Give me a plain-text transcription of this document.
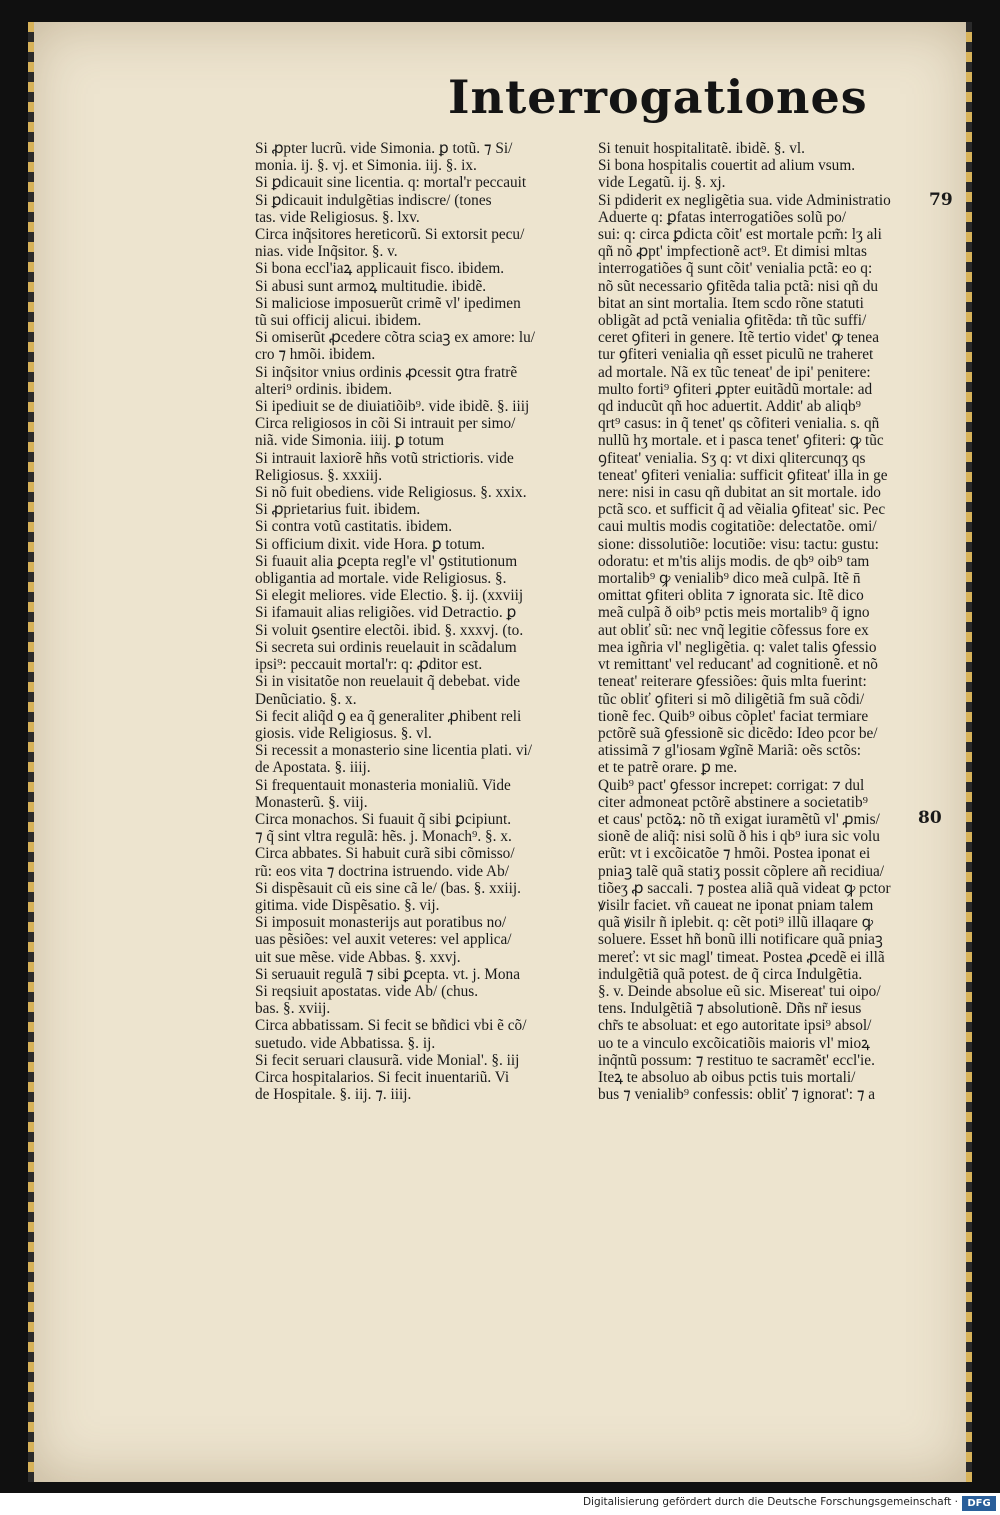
Interrogationes
Si ꝓpter lucrũ. vide Simonia. ꝑ totũ. ⁊ Si/
monia. ij. §. vj. et Simonia. iij. §. ix.
Si ꝑdicauit sine licentia. q: mortal'r peccauit
Si ꝑdicauit indulgẽtias indiscre/ (tones
tas. vide Religiosus. §. lxv.
Circa inq̃sitores hereticorũ. Si extorsit pecu/
nias. vide Inq̃sitor. §. v.
Si bona eccl'iaꝝ applicauit fisco. ibidem.
Si abusi sunt armoꝝ multitudie. ibidẽ.
Si maliciose imposuerũt crimẽ vl' ipedimen
tũ sui officij alicui. ibidem.
Si omiserũt ꝓcedere cõtra sciaꝫ ex amore: lu/
cro ⁊ hmõi. ibidem.
Si inq̃sitor vnius ordinis ꝓcessit ꝯtra fratrẽ
alteri⁹ ordinis. ibidem.
Si ipediuit se de diuiatiõib⁹. vide ibidẽ. §. iiij
Circa religiosos in cõi Si intrauit per simo/
niã. vide Simonia. iiij. ꝑ totum
Si intrauit laxiorẽ hñs votũ strictioris. vide
Religiosus. §. xxxiij.
Si nõ fuit obediens. vide Religiosus. §. xxix.
Si ꝓprietarius fuit. ibidem.
Si contra votũ castitatis. ibidem.
Si officium dixit. vide Hora. ꝑ totum.
Si fuauit alia ꝑcepta regl'e vl' ꝯstitutionum
obligantia ad mortale. vide Religiosus. §.
Si elegit meliores. vide Electio. §. ij. (xxviij
Si ifamauit alias religiões. vid Detractio. ꝑ
Si voluit ꝯsentire electõi. ibid. §. xxxvj. (to.
Si secreta sui ordinis reuelauit in scãdalum
ipsi⁹: peccauit mortal'r: q: ꝓditor est.
Si in visitatõe non reuelauit q̃ debebat. vide
Denũciatio. §. x.
Si fecit aliq̃d ꝯ ea q̃ generaliter ꝓhibent reli
giosis. vide Religiosus. §. vl.
Si recessit a monasterio sine licentia plati. vi/
de Apostata. §. iiij.
Si frequentauit monasteria monialiũ. Vide
Monasterũ. §. viij.
Circa monachos. Si fuauit q̃ sibi ꝑcipiunt.
⁊ q̃ sint vltra regulã: hẽs. j. Monach⁹. §. x.
Circa abbates. Si habuit curã sibi cõmisso/
rũ: eos vita ⁊ doctrina istruendo. vide Ab/
Si dispẽsauit cũ eis sine cã le/ (bas. §. xxiij.
gitima. vide Dispẽsatio. §. vij.
Si imposuit monasterijs aut poratibus no/
uas pẽsiões: vel auxit veteres: vel applica/
uit sue mẽse. vide Abbas. §. xxvj.
Si seruauit regulã ⁊ sibi ꝑcepta. vt. j. Mona
Si reqsiuit apostatas. vide Ab/ (chus.
bas. §. xviij.
Circa abbatissam. Si fecit se bñdici vbi ẽ cõ/
suetudo. vide Abbatissa. §. ij.
Si fecit seruari clausurã. vide Monial'. §. iij
Circa hospitalarios. Si fecit inuentariũ. Vi
de Hospitale. §. iij. ⁊. iiij.
Si tenuit hospitalitatẽ. ibidẽ. §. vl.
Si bona hospitalis couertit ad alium vsum.
vide Legatũ. ij. §. xj.
Si pdiderit ex negligẽtia sua. vide Administratio
Aduerte q: ꝑfatas interrogatiões solũ po/
sui: q: circa ꝑdicta cõit' est mortale pcm̃: lʒ ali
qñ nõ ꝓpt' impfectionẽ act⁹. Et dimisi mltas
interrogatiões q̃ sunt cõit' venialia pctã: eo q:
nõ sũt necessario ꝯfitẽda talia pctã: nisi qñ du
bitat an sint mortalia. Item scdo rõne statuti
obligãt ad pctã venialia ꝯfitẽda: tñ tũc suffi/
ceret ꝯfiteri in genere. Itẽ tertio videt' ꝙ tenea
tur ꝯfiteri venialia qñ esset piculũ ne traheret
ad mortale. Nã ex tũc teneat' de ipi' penitere:
multo forti⁹ ꝯfiteri ꝓpter euitãdũ mortale: ad
qd inducũt qñ hoc aduertit. Addit' ab aliqb⁹
qrt⁹ casus: in q̃ tenet' qs cõfiteri venialia. s. qñ
nullũ hʒ mortale. et i pasca tenet' ꝯfiteri: ꝙ tũc
ꝯfiteat' venialia. Sʒ q: vt dixi qlitercunqʒ qs
teneat' ꝯfiteri venialia: sufficit ꝯfiteat' illa in ge
nere: nisi in casu qñ dubitat an sit mortale. ido
pctã sco. et sufficit q̃ ad vẽialia ꝯfiteat' sic. Pec
caui multis modis cogitatiõe: delectatõe. omi/
sione: dissolutiõe: locutiõe: visu: tactu: gustu:
odoratu: et m'tis alijs modis. de qb⁹ oib⁹ tam
mortalib⁹ ꝙ venialib⁹ dico meã culpã. Itẽ n̄
omittat ꝯfiteri oblita ⁊ ignorata sic. Itẽ dico
meã culpã ð oib⁹ pctis meis mortalib⁹ q̃ igno
aut obliť sũ: nec vnq̃ legitie cõfessus fore ex
mea igñria vl' negligẽtia. q: valet talis ꝯfessio
vt remittant' vel reducant' ad cognitionẽ. et nõ
teneat' reiterare ꝯfessiões: q̃uis mlta fuerint:
tũc obliť ꝯfiteri si mõ diligẽtiã fm suã cõdi/
tionẽ fec. Quib⁹ oibus cõplet' faciat termiare
pctõrẽ suã ꝯfessionẽ sic dicẽdo: Ideo pcor be/
atissimã ⁊ gl'iosam ꝟgĩnẽ Mariã: oẽs sctõs:
et te patrẽ orare. ꝑ me.
Quib⁹ pact' ꝯfessor increpet: corrigat: ⁊ dul
citer admoneat pctõrẽ abstinere a societatib⁹
et caus' pctõꝝ: nõ tñ exigat iuramẽtũ vl' ꝓmis/
sionẽ de aliq̃: nisi solũ ð his i qb⁹ iura sic volu
erũt: vt i excõicatõe ⁊ hmõi. Postea iponat ei
pniaꝫ talẽ quã statiʒ possit cõplere añ recidiua/
tiõeʒ ꝓ saccali. ⁊ postea aliã quã videat ꝙ pctor
ꝟisilr faciet. vñ caueat ne iponat pniam talem
quã ꝟisilr ñ iplebit. q: cẽt poti⁹ illũ illaqare ꝙ
soluere. Esset hñ bonũ illi notificare quã pniaꝫ
mereť: vt sic magl' timeat. Postea ꝓcedẽ ei illã
indulgẽtiã quã potest. de q̃ circa Indulgẽtia.
§. v. Deinde absolue eũ sic. Misereat' tui oipo/
tens. Indulgẽtiã ⁊ absolutionẽ. Dñs nr̃ iesus
chr̃s te absoluat: et ego autoritate ipsi⁹ absol/
uo te a vinculo excõicatiõis maioris vl' mioꝝ
inq̃ntũ possum: ⁊ restituo te sacramẽt' eccl'ie.
Iteꝝ te absoluo ab oibus pctis tuis mortali/
bus ⁊ venialib⁹ confessis: obliť ⁊ ignorat': ⁊ a
79
80
Digitalisierung gefördert durch die Deutsche Forschungsgemeinschaft · DFG
